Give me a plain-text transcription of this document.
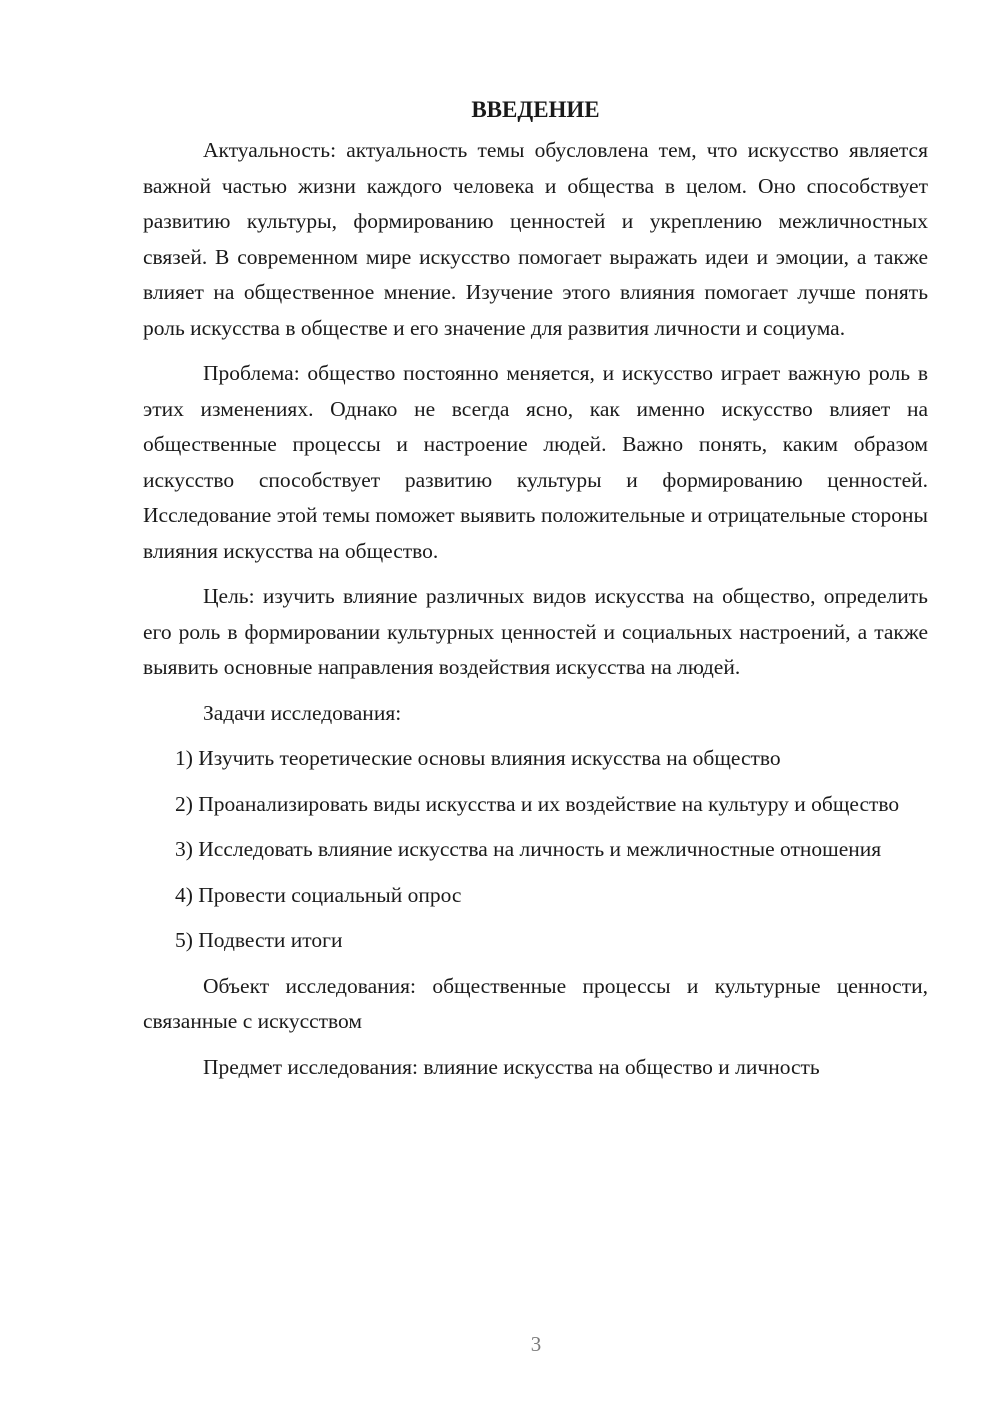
ВВЕДЕНИЕ

Актуальность: актуальность темы обусловлена тем, что искусство является важной частью жизни каждого человека и общества в целом. Оно способствует развитию культуры, формированию ценностей и укреплению межличностных связей. В современном мире искусство помогает выражать идеи и эмоции, а также влияет на общественное мнение. Изучение этого влияния помогает лучше понять роль искусства в обществе и его значение для развития личности и социума.

Проблема: общество постоянно меняется, и искусство играет важную роль в этих изменениях. Однако не всегда ясно, как именно искусство влияет на общественные процессы и настроение людей. Важно понять, каким образом искусство способствует развитию культуры и формированию ценностей. Исследование этой темы поможет выявить положительные и отрицательные стороны влияния искусства на общество.

Цель: изучить влияние различных видов искусства на общество, определить его роль в формировании культурных ценностей и социальных настроений, а также выявить основные направления воздействия искусства на людей.

Задачи исследования:

1) Изучить теоретические основы влияния искусства на общество

2) Проанализировать виды искусства и их воздействие на культуру и общество

3) Исследовать влияние искусства на личность и межличностные отношения

4) Провести социальный опрос

5) Подвести итоги

Объект исследования: общественные процессы и культурные ценности, связанные с искусством

Предмет исследования: влияние искусства на общество и личность

3
